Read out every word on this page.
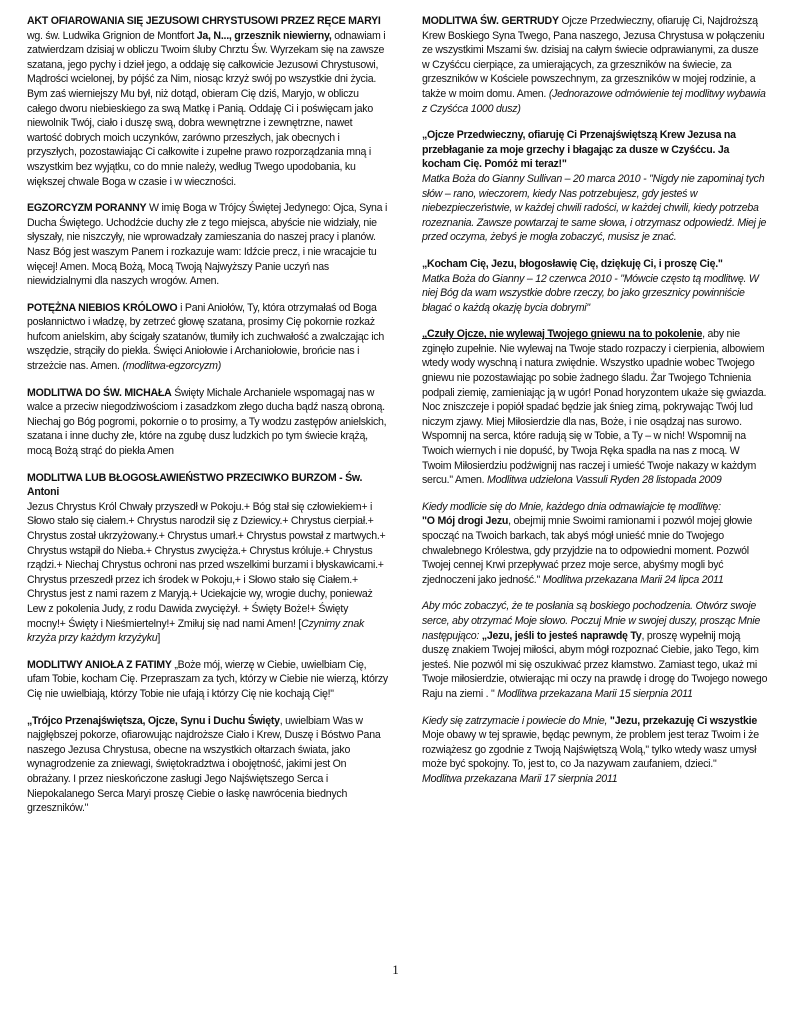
AKT OFIAROWANIA SIĘ JEZUSOWI CHRYSTUSOWI PRZEZ RĘCE MARYI

wg. św. Ludwika Grignion de Montfort Ja, N..., grzesznik niewierny, odnawiam i zatwierdzam dzisiaj w obliczu Twoim śluby Chrztu Św. Wyrzekam się na zawsze szatana, jego pychy i dzieł jego, a oddaję się całkowicie Jezusowi Chrystusowi, Mądrości wcielonej, by pójść za Nim, niosąc krzyż swój po wszystkie dni życia. Bym zaś wierniejszy Mu był, niż dotąd, obieram Cię dziś, Maryjo, w obliczu całego dworu niebieskiego za swą Matkę i Panią. Oddaję Ci i poświęcam jako niewolnik Twój, ciało i duszę swą, dobra wewnętrzne i zewnętrzne, nawet wartość dobrych moich uczynków, zarówno przeszłych, jak obecnych i przyszłych, pozostawiając Ci całkowite i zupełne prawo rozporządzania mną i wszystkim bez wyjątku, co do mnie należy, według Twego upodobania, ku większej chwale Boga w czasie i w wieczności.

EGZORCYZM PORANNY W imię Boga w Trójcy Świętej Jedynego: Ojca, Syna i Ducha Świętego. Uchodźcie duchy złe z tego miejsca, abyście nie widziały, nie słyszały, nie niszczyły, nie wprowadzały zamieszania do naszej pracy i planów. Nasz Bóg jest waszym Panem i rozkazuje wam: Idźcie precz, i nie wracajcie tu więcej! Amen. Mocą Bożą, Mocą Twoją Najwyższy Panie uczyń nas niewidzialnymi dla naszych wrogów. Amen.

POTĘŻNA NIEBIOS KRÓLOWO i Pani Aniołów, Ty, która otrzymałaś od Boga posłannictwo i władzę, by zetrzeć głowę szatana, prosimy Cię pokornie rozkaż hufcom anielskim, aby ścigały szatanów, tłumiły ich zuchwałość a zwalczając ich wszędzie, strąciły do piekła. Święci Aniołowie i Archaniołowie, brońcie nas i strzeżcie nas. Amen. (modlitwa-egzorcyzm)

MODLITWA DO ŚW. MICHAŁA Święty Michale Archaniele wspomagaj nas w walce a przeciw niegodziwościom i zasadzkom złego ducha bądź naszą obroną. Niechaj go Bóg pogromi, pokornie o to prosimy, a Ty wodzu zastępów anielskich, szatana i inne duchy złe, które na zgubę dusz ludzkich po tym świecie krążą, mocą Bożą strąć do piekła Amen

MODLITWA LUB BŁOGOSŁAWIEŃSTWO PRZECIWKO BURZOM - Św. Antoni

Jezus Chrystus Król Chwały przyszedł w Pokoju.+ Bóg stał się człowiekiem+ i Słowo stało się ciałem.+ Chrystus narodził się z Dziewicy.+ Chrystus cierpiał.+ Chrystus został ukrzyżowany.+ Chrystus umarł.+ Chrystus powstał z martwych.+ Chrystus wstąpił do Nieba.+ Chrystus zwycięża.+ Chrystus króluje.+ Chrystus rządzi.+ Niechaj Chrystus ochroni nas przed wszelkimi burzami i błyskawicami.+ Chrystus przeszedł przez ich środek w Pokoju,+ i Słowo stało się Ciałem.+ Chrystus jest z nami razem z Maryją.+ Uciekajcie wy, wrogie duchy, ponieważ Lew z pokolenia Judy, z rodu Dawida zwyciężył. + Święty Boże!+ Święty mocny!+ Święty i Nieśmiertelny!+ Zmiłuj się nad nami Amen! [Czynimy znak krzyża przy każdym krzyżyku]

MODLITWY ANIOŁA Z FATIMY „Boże mój, wierzę w Ciebie, uwielbiam Cię, ufam Tobie, kocham Cię. Przepraszam za tych, którzy w Ciebie nie wierzą, którzy Cię nie uwielbiają, którzy Tobie nie ufają i którzy Cię nie kochają Cię!"

„Trójco Przenajświętsza, Ojcze, Synu i Duchu Święty, uwielbiam Was w najgłębszej pokorze, ofiarowując najdroższe Ciało i Krew, Duszę i Bóstwo Pana naszego Jezusa Chrystusa, obecne na wszystkich ołtarzach świata, jako wynagrodzenie za zniewagi, świętokradztwa i obojętność, jakimi jest On obrażany. I przez nieskończone zasługi Jego Najświętszego Serca i Niepokalanego Serca Maryi proszę Ciebie o łaskę nawrócenia biednych grzeszników."

MODLITWA ŚW. GERTRUDY Ojcze Przedwieczny, ofiaruję Ci, Najdroższą Krew Boskiego Syna Twego, Pana naszego, Jezusa Chrystusa w połączeniu ze wszystkimi Mszami św. dzisiaj na całym świecie odprawianymi, za dusze w Czyśćcu cierpiące, za umierających, za grzeszników na świecie, za grzeszników w Kościele powszechnym, za grzeszników w mojej rodzinie, a także w moim domu. Amen. (Jednorazowe odmówienie tej modlitwy wybawia z Czyśćca 1000 dusz)

„Ojcze Przedwieczny, ofiaruję Ci Przenajświętszą Krew Jezusa na przebłaganie za moje grzechy i błagając za dusze w Czyśćcu. Ja kocham Cię. Pomóż mi teraz!"

Matka Boża do Gianny Sullivan – 20 marca 2010 - "Nigdy nie zapominaj tych słów – rano, wieczorem, kiedy Nas potrzebujesz, gdy jesteś w niebezpieczeństwie, w każdej chwili radości, w każdej chwili, kiedy potrzeba rozeznania. Zawsze powtarzaj te same słowa, i otrzymasz odpowiedź. Miej je przed oczyma, żebyś je mogła zobaczyć, musisz je znać.

„Kocham Cię, Jezu, błogosławię Cię, dziękuję Ci, i proszę Cię."

Matka Boża do Gianny – 12 czerwca 2010 - "Mówcie często tą modlitwę. W niej Bóg da wam wszystkie dobre rzeczy, bo jako grzesznicy powinniście błagać o każdą okazję bycia dobrymi"

„Czuły Ojcze, nie wylewaj Twojego gniewu na to pokolenie, aby nie zginęło zupełnie. Nie wylewaj na Twoje stado rozpaczy i cierpienia, albowiem wtedy wody wyschną i natura zwiędnie. Wszystko upadnie wobec Twojego gniewu nie pozostawiając po sobie żadnego śladu. Żar Twojego Tchnienia podpali ziemię, zamieniając ją w ugór! Ponad horyzontem ukaże się gwiazda. Noc zniszczeje i popiół spadać będzie jak śnieg zimą, pokrywając Twój lud niczym zjawy. Miej Miłosierdzie dla nas, Boże, i nie osądzaj nas surowo. Wspomnij na serca, które radują się w Tobie, a Ty – w nich! Wspomnij na Twoich wiernych i nie dopuść, by Twoja Ręka spadła na nas z mocą. W Twoim Miłosierdziu podźwignij nas raczej i umieść Twoje nakazy w każdym sercu." Amen. Modlitwa udzielona Vassuli Ryden 28 listopada 2009

Kiedy modlicie się do Mnie, każdego dnia odmawiajcie tę modlitwę:

"O Mój drogi Jezu, obejmij mnie Swoimi ramionami i pozwól mojej głowie spocząć na Twoich barkach, tak abyś mógł unieść mnie do Twojego chwalebnego Królestwa, gdy przyjdzie na to odpowiedni moment. Pozwól Twojej cennej Krwi przepływać przez moje serce, abyśmy mogli być zjednoczeni jako jedność." Modlitwa przekazana Marii 24 lipca 2011

Aby móc zobaczyć, że te posłania są boskiego pochodzenia. Otwórz swoje serce, aby otrzymać Moje słowo. Poczuj Mnie w swojej duszy, prosząc Mnie następująco: „Jezu, jeśli to jesteś naprawdę Ty, proszę wypełnij moją duszę znakiem Twojej miłości, abym mógł rozpoznać Ciebie, jako Tego, kim jesteś. Nie pozwól mi się oszukiwać przez kłamstwo. Zamiast tego, ukaż mi Twoje miłosierdzie, otwierając mi oczy na prawdę i drogę do Twojego nowego Raju na ziemi . " Modlitwa przekazana Marii 15 sierpnia 2011

Kiedy się zatrzymacie i powiecie do Mnie, "Jezu, przekazuję Ci wszystkie Moje obawy w tej sprawie, będąc pewnym, że problem jest teraz Twoim i że rozwiążesz go zgodnie z Twoją Najświętszą Wolą," tylko wtedy wasz umysł może być spokojny. To, jest to, co Ja nazywam zaufaniem, dzieci."

Modlitwa przekazana Marii 17 sierpnia 2011

1
